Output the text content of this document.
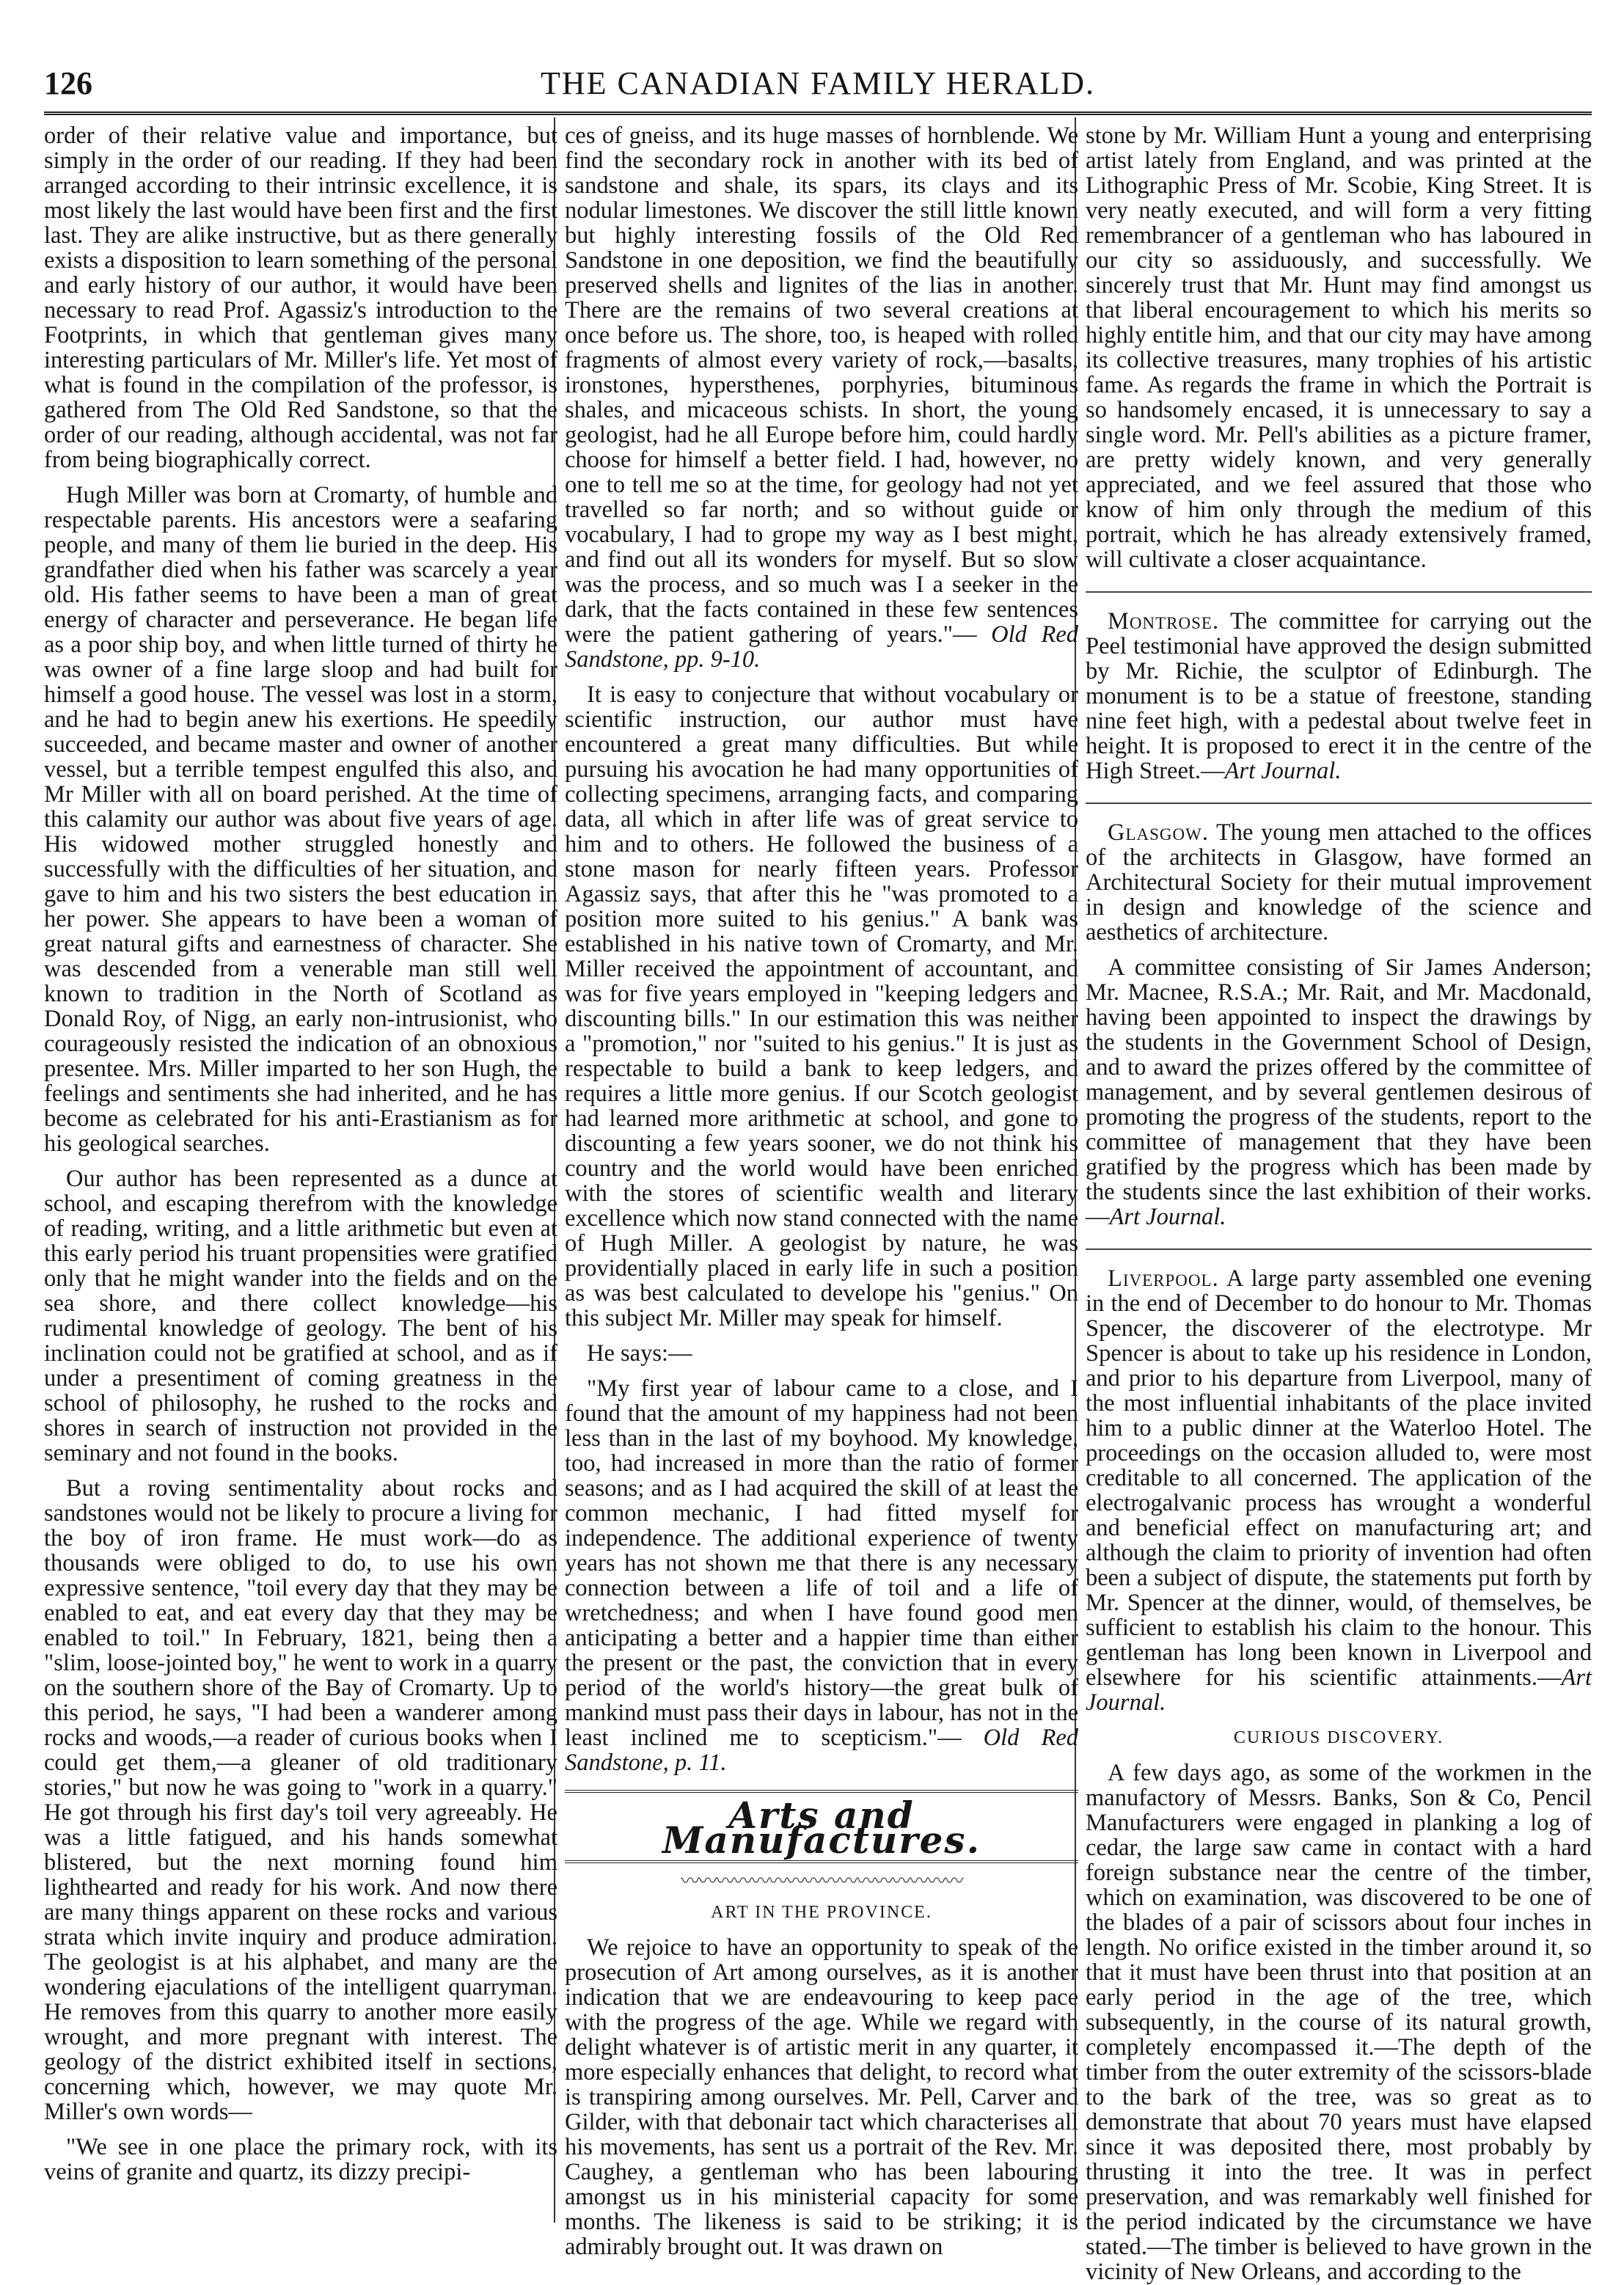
126	THE CANADIAN FAMILY HERALD.

order of their relative value and importance, but simply in the order of our reading. If they had been arranged according to their intrinsic excellence, it is most likely the last would have been first and the first last. They are alike instructive, but as there generally exists a disposition to learn something of the personal and early history of our author, it would have been necessary to read Prof. Agassiz's introduction to the Footprints, in which that gentleman gives many interesting particulars of Mr. Miller's life. Yet most of what is found in the compilation of the professor, is gathered from The Old Red Sandstone, so that the order of our reading, although accidental, was not far from being biographically correct.

Hugh Miller was born at Cromarty, of humble and respectable parents. His ancestors were a seafaring people, and many of them lie buried in the deep. His grandfather died when his father was scarcely a year old. His father seems to have been a man of great energy of character and perseverance. He began life as a poor ship boy, and when little turned of thirty he was owner of a fine large sloop and had built for himself a good house. The vessel was lost in a storm, and he had to begin anew his exertions. He speedily succeeded, and became master and owner of another vessel, but a terrible tempest engulfed this also, and Mr Miller with all on board perished. At the time of this calamity our author was about five years of age. His widowed mother struggled honestly and successfully with the difficulties of her situation, and gave to him and his two sisters the best education in her power. She appears to have been a woman of great natural gifts and earnestness of character. She was descended from a venerable man still well known to tradition in the North of Scotland as Donald Roy, of Nigg, an early non-intrusionist, who courageously resisted the indication of an obnoxious presentee. Mrs. Miller imparted to her son Hugh, the feelings and sentiments she had inherited, and he has become as celebrated for his anti-Erastianism as for his geological searches.

Our author has been represented as a dunce at school, and escaping therefrom with the knowledge of reading, writing, and a little arithmetic but even at this early period his truant propensities were gratified only that he might wander into the fields and on the sea shore, and there collect knowledge—his rudimental knowledge of geology. The bent of his inclination could not be gratified at school, and as if under a presentiment of coming greatness in the school of philosophy, he rushed to the rocks and shores in search of instruction not provided in the seminary and not found in the books.

But a roving sentimentality about rocks and sandstones would not be likely to procure a living for the boy of iron frame. He must work—do as thousands were obliged to do, to use his own expressive sentence, "toil every day that they may be enabled to eat, and eat every day that they may be enabled to toil." In February, 1821, being then a "slim, loose-jointed boy," he went to work in a quarry on the southern shore of the Bay of Cromarty. Up to this period, he says, "I had been a wanderer among rocks and woods,—a reader of curious books when I could get them,—a gleaner of old traditionary stories," but now he was going to "work in a quarry." He got through his first day's toil very agreeably. He was a little fatigued, and his hands somewhat blistered, but the next morning found him lighthearted and ready for his work. And now there are many things apparent on these rocks and various strata which invite inquiry and produce admiration. The geologist is at his alphabet, and many are the wondering ejaculations of the intelligent quarryman. He removes from this quarry to another more easily wrought, and more pregnant with interest. The geology of the district exhibited itself in sections, concerning which, however, we may quote Mr. Miller's own words—

"We see in one place the primary rock, with its veins of granite and quartz, its dizzy precipi-

ces of gneiss, and its huge masses of hornblende. We find the secondary rock in another with its bed of sandstone and shale, its spars, its clays and its nodular limestones. We discover the still little known but highly interesting fossils of the Old Red Sandstone in one deposition, we find the beautifully preserved shells and lignites of the lias in another. There are the remains of two several creations at once before us. The shore, too, is heaped with rolled fragments of almost every variety of rock,—basalts, ironstones, hypersthenes, porphyries, bituminous shales, and micaceous schists. In short, the young geologist, had he all Europe before him, could hardly choose for himself a better field. I had, however, no one to tell me so at the time, for geology had not yet travelled so far north; and so without guide or vocabulary, I had to grope my way as I best might, and find out all its wonders for myself. But so slow was the process, and so much was I a seeker in the dark, that the facts contained in these few sentences were the patient gathering of years."— Old Red Sandstone, pp. 9-10.

It is easy to conjecture that without vocabulary or scientific instruction, our author must have encountered a great many difficulties. But while pursuing his avocation he had many opportunities of collecting specimens, arranging facts, and comparing data, all which in after life was of great service to him and to others. He followed the business of a stone mason for nearly fifteen years. Professor Agassiz says, that after this he "was promoted to a position more suited to his genius." A bank was established in his native town of Cromarty, and Mr. Miller received the appointment of accountant, and was for five years employed in "keeping ledgers and discounting bills." In our estimation this was neither a "promotion," nor "suited to his genius." It is just as respectable to build a bank to keep ledgers, and requires a little more genius. If our Scotch geologist had learned more arithmetic at school, and gone to discounting a few years sooner, we do not think his country and the world would have been enriched with the stores of scientific wealth and literary excellence which now stand connected with the name of Hugh Miller. A geologist by nature, he was providentially placed in early life in such a position as was best calculated to develope his "genius." On this subject Mr. Miller may speak for himself.

He says:—

"My first year of labour came to a close, and I found that the amount of my happiness had not been less than in the last of my boyhood. My knowledge, too, had increased in more than the ratio of former seasons; and as I had acquired the skill of at least the common mechanic, I had fitted myself for independence. The additional experience of twenty years has not shown me that there is any necessary connection between a life of toil and a life of wretchedness; and when I have found good men anticipating a better and a happier time than either the present or the past, the conviction that in every period of the world's history—the great bulk of mankind must pass their days in labour, has not in the least inclined me to scepticism."— Old Red Sandstone, p. 11.

Arts and Manufactures.
〰〰〰〰〰〰〰〰〰〰〰〰〰〰〰〰
ART IN THE PROVINCE.

We rejoice to have an opportunity to speak of the prosecution of Art among ourselves, as it is another indication that we are endeavouring to keep pace with the progress of the age. While we regard with delight whatever is of artistic merit in any quarter, it more especially enhances that delight, to record what is transpiring among ourselves. Mr. Pell, Carver and Gilder, with that debonair tact which characterises all his movements, has sent us a portrait of the Rev. Mr. Caughey, a gentleman who has been labouring amongst us in his ministerial capacity for some months. The likeness is said to be striking; it is admirably brought out. It was drawn on

stone by Mr. William Hunt a young and enterprising artist lately from England, and was printed at the Lithographic Press of Mr. Scobie, King Street. It is very neatly executed, and will form a very fitting remembrancer of a gentleman who has laboured in our city so assiduously, and successfully. We sincerely trust that Mr. Hunt may find amongst us that liberal encouragement to which his merits so highly entitle him, and that our city may have among its collective treasures, many trophies of his artistic fame. As regards the frame in which the Portrait is so handsomely encased, it is unnecessary to say a single word. Mr. Pell's abilities as a picture framer, are pretty widely known, and very generally appreciated, and we feel assured that those who know of him only through the medium of this portrait, which he has already extensively framed, will cultivate a closer acquaintance.

Montrose. The committee for carrying out the Peel testimonial have approved the design submitted by Mr. Richie, the sculptor of Edinburgh. The monument is to be a statue of freestone, standing nine feet high, with a pedestal about twelve feet in height. It is proposed to erect it in the centre of the High Street.—Art Journal.

Glasgow. The young men attached to the offices of the architects in Glasgow, have formed an Architectural Society for their mutual improvement in design and knowledge of the science and aesthetics of architecture.

A committee consisting of Sir James Anderson; Mr. Macnee, R.S.A.; Mr. Rait, and Mr. Macdonald, having been appointed to inspect the drawings by the students in the Government School of Design, and to award the prizes offered by the committee of management, and by several gentlemen desirous of promoting the progress of the students, report to the committee of management that they have been gratified by the progress which has been made by the students since the last exhibition of their works.—Art Journal.

Liverpool. A large party assembled one evening in the end of December to do honour to Mr. Thomas Spencer, the discoverer of the electrotype. Mr Spencer is about to take up his residence in London, and prior to his departure from Liverpool, many of the most influential inhabitants of the place invited him to a public dinner at the Waterloo Hotel. The proceedings on the occasion alluded to, were most creditable to all concerned. The application of the electrogalvanic process has wrought a wonderful and beneficial effect on manufacturing art; and although the claim to priority of invention had often been a subject of dispute, the statements put forth by Mr. Spencer at the dinner, would, of themselves, be sufficient to establish his claim to the honour. This gentleman has long been known in Liverpool and elsewhere for his scientific attainments.—Art Journal.

CURIOUS DISCOVERY.

A few days ago, as some of the workmen in the manufactory of Messrs. Banks, Son & Co, Pencil Manufacturers were engaged in planking a log of cedar, the large saw came in contact with a hard foreign substance near the centre of the timber, which on examination, was discovered to be one of the blades of a pair of scissors about four inches in length. No orifice existed in the timber around it, so that it must have been thrust into that position at an early period in the age of the tree, which subsequently, in the course of its natural growth, completely encompassed it.—The depth of the timber from the outer extremity of the scissors-blade to the bark of the tree, was so great as to demonstrate that about 70 years must have elapsed since it was deposited there, most probably by thrusting it into the tree. It was in perfect preservation, and was remarkably well finished for the period indicated by the circumstance we have stated.—The timber is believed to have grown in the vicinity of New Orleans, and according to the
